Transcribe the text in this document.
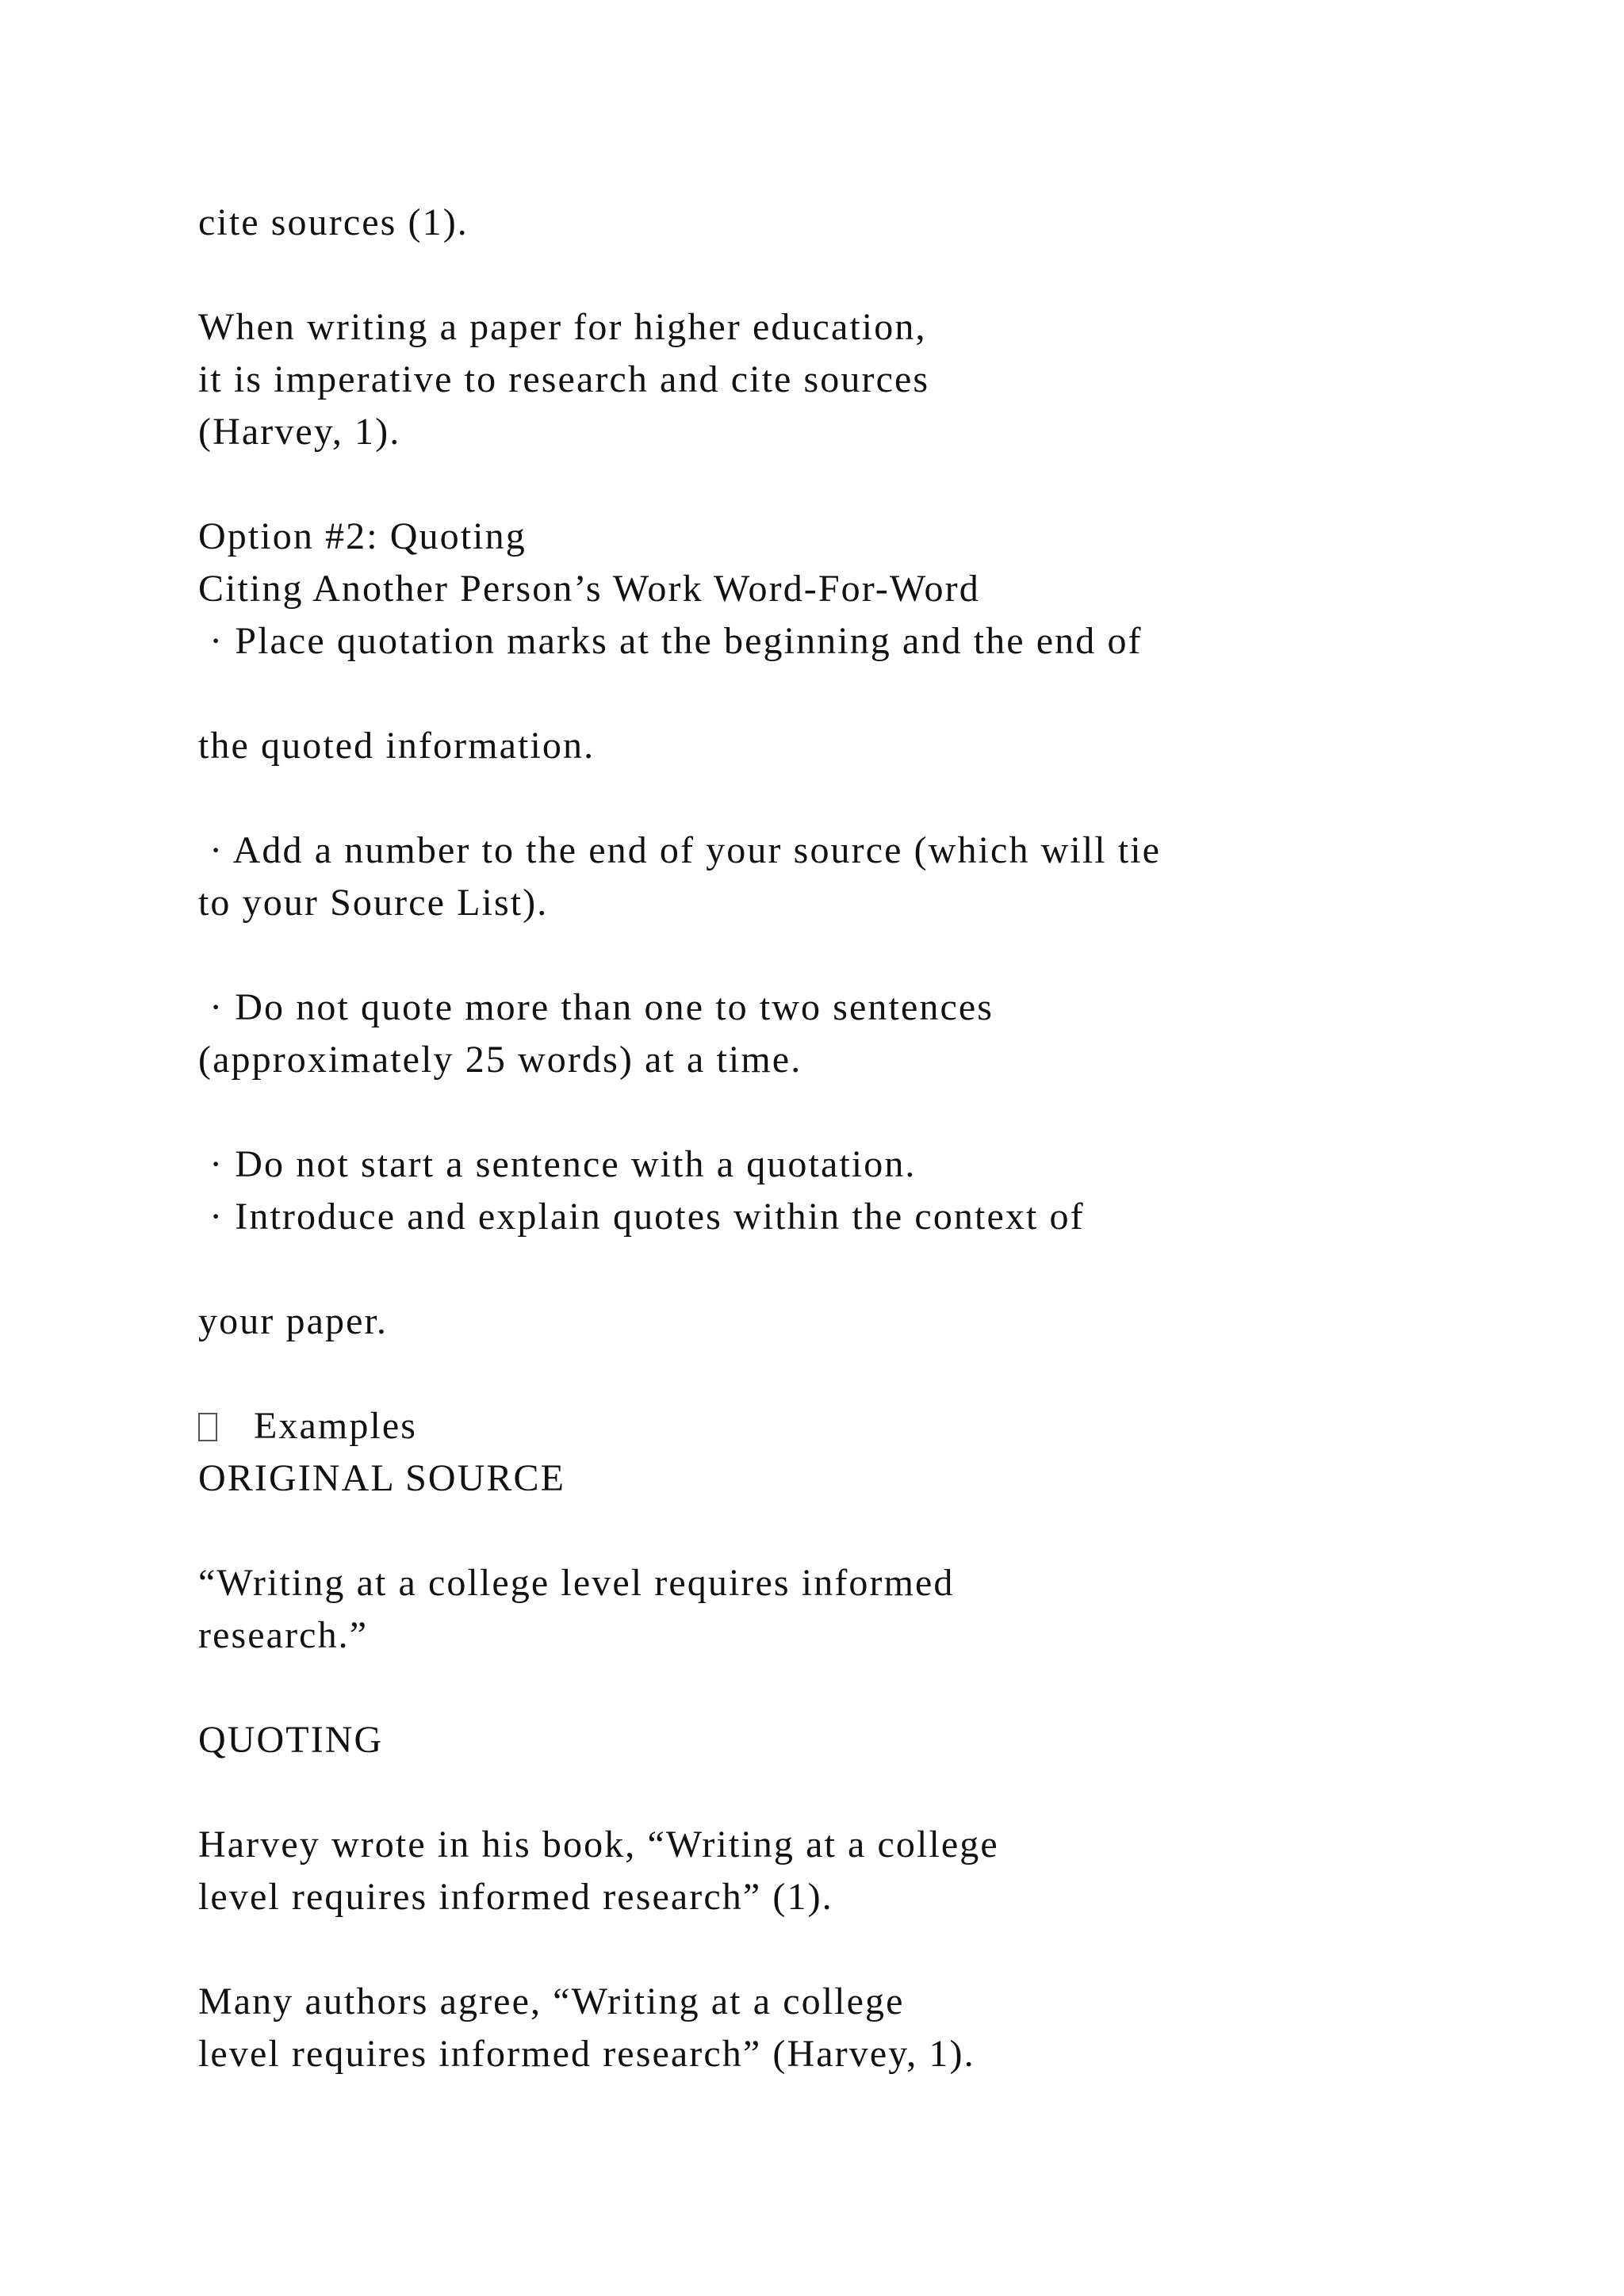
cite sources (1).
When writing a paper for higher education,
it is imperative to research and cite sources
(Harvey, 1).
Option #2: Quoting
Citing Another Person’s Work Word-For-Word
· Place quotation marks at the beginning and the end of
the quoted information.
· Add a number to the end of your source (which will tie
to your Source List).
· Do not quote more than one to two sentences
(approximately 25 words) at a time.
· Do not start a sentence with a quotation.
· Introduce and explain quotes within the context of
your paper.
Examples
ORIGINAL SOURCE
“Writing at a college level requires informed
research.”
QUOTING
Harvey wrote in his book, “Writing at a college
level requires informed research” (1).
Many authors agree, “Writing at a college
level requires informed research” (Harvey, 1).
